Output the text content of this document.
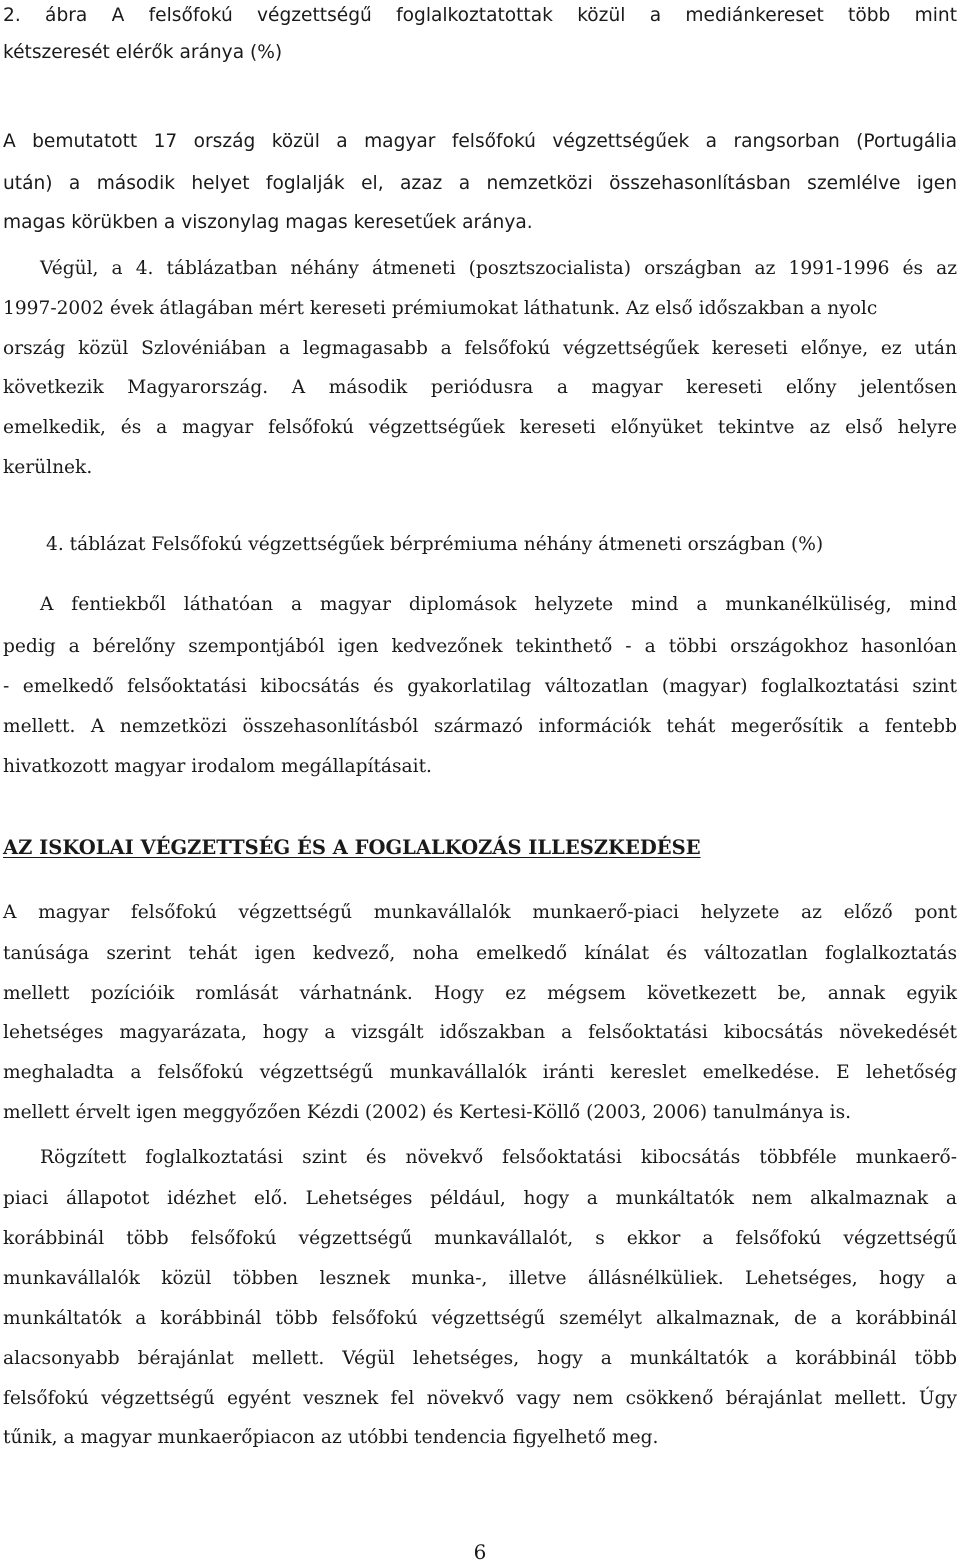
2. ábra A felsőfokú végzettségű foglalkoztatottak közül a mediánkereset több mint
kétszeresét elérők aránya (%)
A bemutatott 17 ország közül a magyar felsőfokú végzettségűek a rangsorban (Portugália
után) a második helyet foglalják el, azaz a nemzetközi összehasonlításban szemlélve igen
magas körükben a viszonylag magas keresetűek aránya.
Végül, a 4. táblázatban néhány átmeneti (posztszocialista) országban az 1991-1996 és az
1997-2002 évek átlagában mért kereseti prémiumokat láthatunk. Az első időszakban a nyolc
ország közül Szlovéniában a legmagasabb a felsőfokú végzettségűek kereseti előnye, ez után
következik Magyarország. A második periódusra a magyar kereseti előny jelentősen
emelkedik, és a magyar felsőfokú végzettségűek kereseti előnyüket tekintve az első helyre
kerülnek.
4. táblázat Felsőfokú végzettségűek bérprémiuma néhány átmeneti országban (%)
A fentiekből láthatóan a magyar diplomások helyzete mind a munkanélküliség, mind
pedig a bérelőny szempontjából igen kedvezőnek tekinthető - a többi országokhoz hasonlóan
- emelkedő felsőoktatási kibocsátás és gyakorlatilag változatlan (magyar) foglalkoztatási szint
mellett. A nemzetközi összehasonlításból származó információk tehát megerősítik a fentebb
hivatkozott magyar irodalom megállapításait.
AZ ISKOLAI VÉGZETTSÉG ÉS A FOGLALKOZÁS ILLESZKEDÉSE
A magyar felsőfokú végzettségű munkavállalók munkaerő-piaci helyzete az előző pont
tanúsága szerint tehát igen kedvező, noha emelkedő kínálat és változatlan foglalkoztatás
mellett pozícióik romlását várhatnánk. Hogy ez mégsem következett be, annak egyik
lehetséges magyarázata, hogy a vizsgált időszakban a felsőoktatási kibocsátás növekedését
meghaladta a felsőfokú végzettségű munkavállalók iránti kereslet emelkedése. E lehetőség
mellett érvelt igen meggyőzően Kézdi (2002) és Kertesi-Köllő (2003, 2006) tanulmánya is.
Rögzített foglalkoztatási szint és növekvő felsőoktatási kibocsátás többféle munkaerő-
piaci állapotot idézhet elő. Lehetséges például, hogy a munkáltatók nem alkalmaznak a
korábbinál több felsőfokú végzettségű munkavállalót, s ekkor a felsőfokú végzettségű
munkavállalók közül többen lesznek munka-, illetve állásnélküliek. Lehetséges, hogy a
munkáltatók a korábbinál több felsőfokú végzettségű személyt alkalmaznak, de a korábbinál
alacsonyabb bérajánlat mellett. Végül lehetséges, hogy a munkáltatók a korábbinál több
felsőfokú végzettségű egyént vesznek fel növekvő vagy nem csökkenő bérajánlat mellett. Úgy
tűnik, a magyar munkaerőpiacon az utóbbi tendencia figyelhető meg.
6
